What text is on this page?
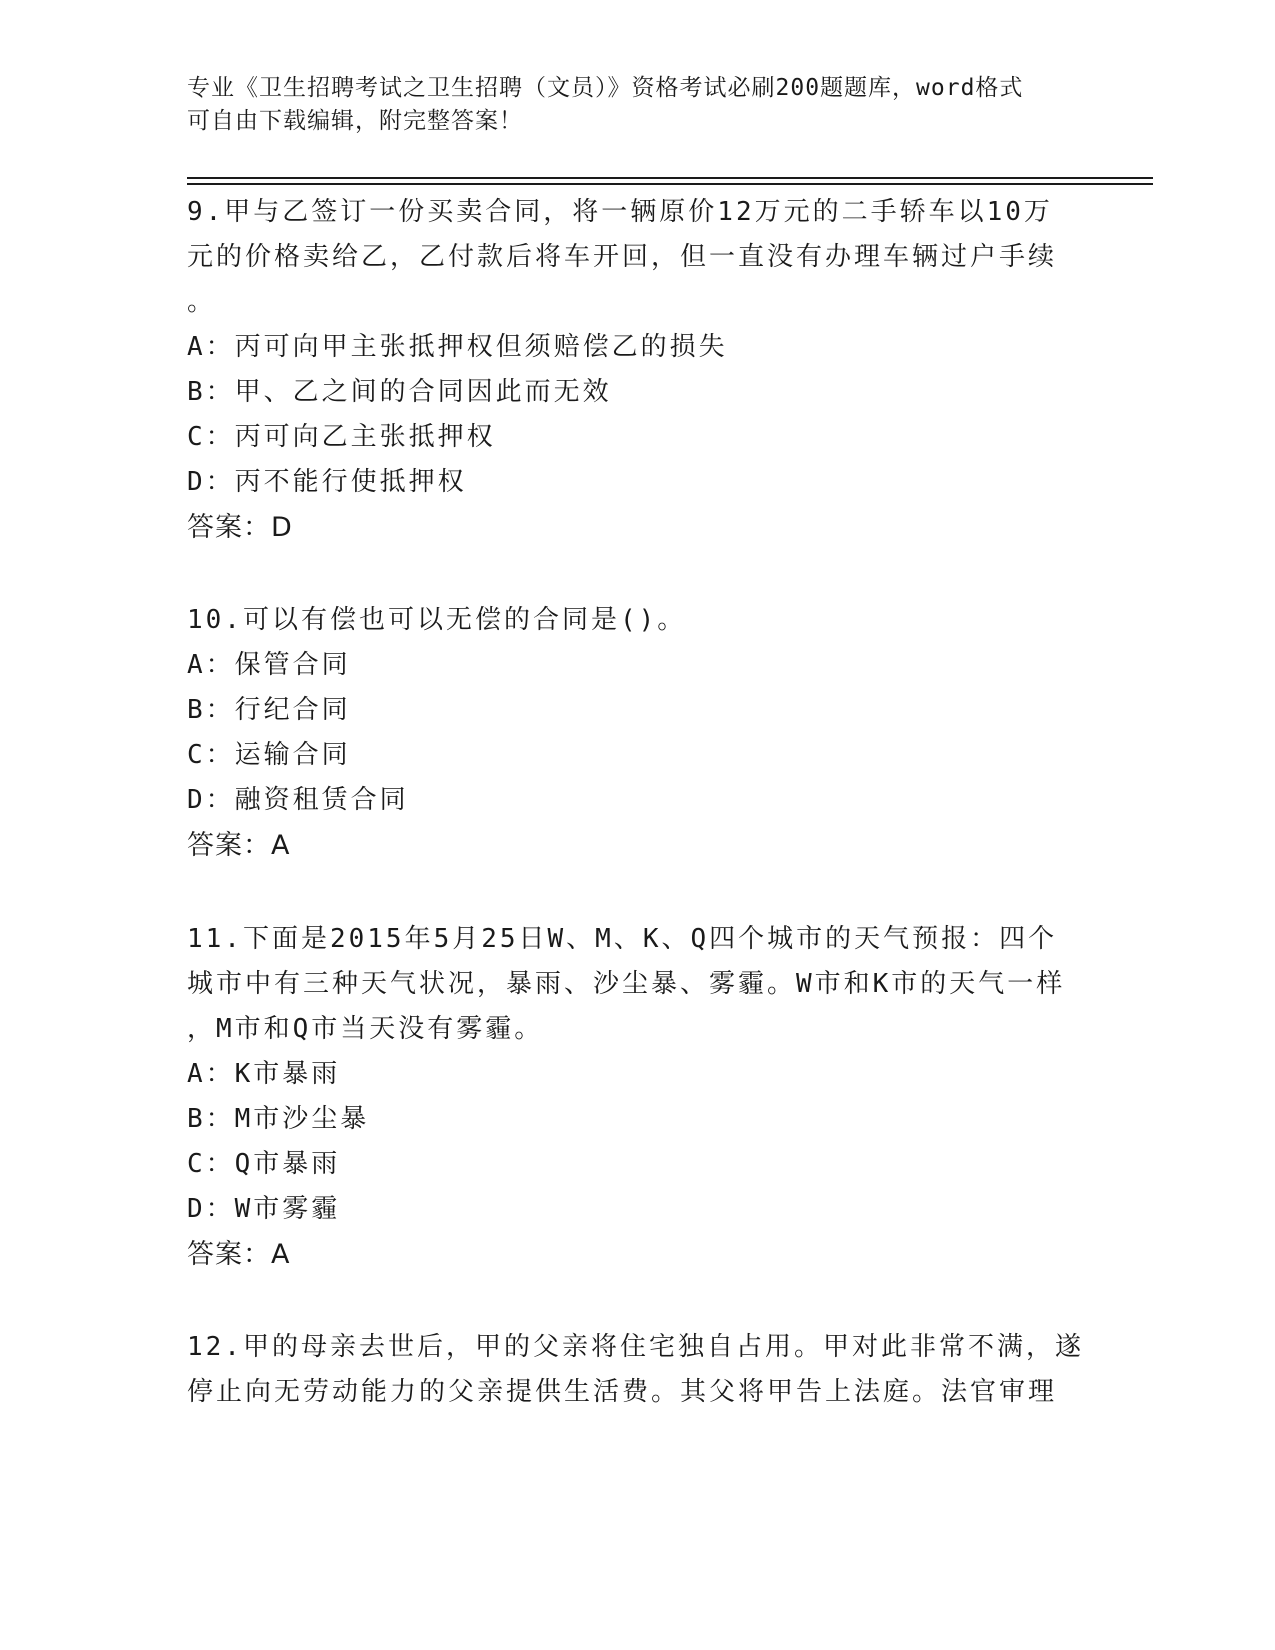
专业《卫生招聘考试之卫生招聘（文员）》资格考试必刷200题题库，word格式
可自由下载编辑，附完整答案！

9.甲与乙签订一份买卖合同，将一辆原价12万元的二手轿车以10万

元的价格卖给乙，乙付款后将车开回，但一直没有办理车辆过户手续

。

A：丙可向甲主张抵押权但须赔偿乙的损失

B：甲、乙之间的合同因此而无效

C：丙可向乙主张抵押权

D：丙不能行使抵押权

答案：D

10.可以有偿也可以无偿的合同是()。

A：保管合同

B：行纪合同

C：运输合同

D：融资租赁合同

答案：A

11.下面是2015年5月25日W、M、K、Q四个城市的天气预报：四个

城市中有三种天气状况，暴雨、沙尘暴、雾霾。W市和K市的天气一样

，M市和Q市当天没有雾霾。

A：K市暴雨

B：M市沙尘暴

C：Q市暴雨

D：W市雾霾

答案：A

12.甲的母亲去世后，甲的父亲将住宅独自占用。甲对此非常不满，遂

停止向无劳动能力的父亲提供生活费。其父将甲告上法庭。法官审理
